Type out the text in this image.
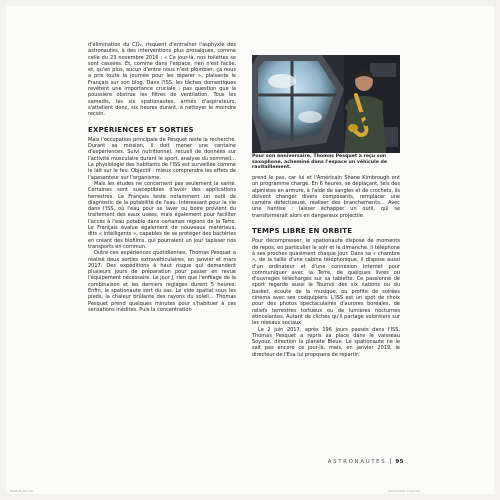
d'élimination du CO₂, risquent d'entraîner l'asphyxie des astronautes, à des interventions plus prosaïques, comme celle du 23 novembre 2016 : « Ce jour-là, nos toilettes se sont cassées. Et, comme dans l'espace, rien n'est facile, et, qu'en plus, aucun d'entre nous n'est plombier, ça nous a pris toute la journée pour les réparer », plaisante le Français sur son blog. Dans l'ISS, les tâches domestiques revêtent une importance cruciale : pas question que la poussière obstrue les filtres de ventilation. Tous les samedis, les six spationautes, armés d'aspirateurs, s'attellent donc, six heures durant, à nettoyer le moindre recoin.

EXPÉRIENCES ET SORTIES

Mais l'occupation principale de Pesquet reste la recherche. Durant sa mission, il doit mener une centaine d'expériences. Suivi nutritionnel, recueil de données sur l'activité musculaire durant le sport, analyse du sommeil… La physiologie des habitants de l'ISS est surveillée comme le lait sur le feu. Objectif : mieux comprendre les effets de l'apesanteur sur l'organisme.

Mais les études ne concernent pas seulement la santé. Certaines sont susceptibles d'avoir des applications terrestres. Le Français teste notamment un outil de diagnostic de la potabilité de l'eau. Intéressant pour la vie dans l'ISS, où l'eau pour se laver ou boire provient du traitement des eaux usées, mais également pour faciliter l'accès à l'eau potable dans certaines régions de la Terre. Le Français évalue également de nouveaux matériaux, dits « intelligents », capables de se protéger des bactéries en créant des biofilms, qui pourraient un jour tapisser nos transports en commun.

Outre ces expériences quotidiennes, Thomas Pesquet a réalisé deux sorties extravéhiculaires, en janvier et mars 2017. Des expéditions à haut risque qui demandent plusieurs jours de préparation pour passer en revue l'équipement nécessaire. Le jour J, rien que l'enfilage de la combinaison et les derniers réglages durent 5 heures. Enfin, le spationaute sort du sas. Le vide spatial sous les pieds, la chaleur brûlante des rayons du soleil… Thomas Pesquet prend quelques minutes pour s'habituer à ces sensations inédites. Puis la concentration

Pour son anniversaire, Thomas Pesquet a reçu son saxophone, acheminé dans l'espace un véhicule de ravitaillement.

prend le pas, car lui et l'Américain Shane Kimbrough ont un programme chargé. En 6 heures, se déplaçant, tels des alpinistes en armure, à l'aide de sangles et de crochets, ils doivent changer divers composants, remplacer une caméra défectueuse, réaliser des branchements… Avec une hantise : laisser échapper un outil, qui se transformerait alors en dangereux projectile.

TEMPS LIBRE EN ORBITE

Pour décompresser, le spationaute dispose de moments de repos, en particulier le soir et le dimanche. Il téléphone à ses proches quasiment chaque jour. Dans sa « chambre », de la taille d'une cabine téléphonique, il dispose aussi d'un ordinateur et d'une connexion Internet pour communiquer avec la Terre, de quelques livres ou d'ouvrages téléchargés sur sa tablette. Ce passionné de sport regarde aussi le Tournoi des six nations ou du basket, écoute de la musique, ou profite de soirées cinéma avec ses coéquipiers. L'ISS est un spot de choix pour des photos spectaculaires d'aurores boréales, de reliefs terrestres tortueux ou de lumières nocturnes étincelantes. Autant de clichés qu'il partage volontiers sur les réseaux sociaux.

Le 2 juin 2017, après 196 jours passés dans l'ISS, Thomas Pesquet a repris sa place dans le vaisseau Soyouz, direction la planète Bleue. Le spationaute ne le sait pas encore ce jour-là, mais, en janvier 2019, le directeur de l'Esa lui proposera de repartir.

ASTRONAUTES 95
ESPACE_BIO 95	08/01/2019 13:01:16
